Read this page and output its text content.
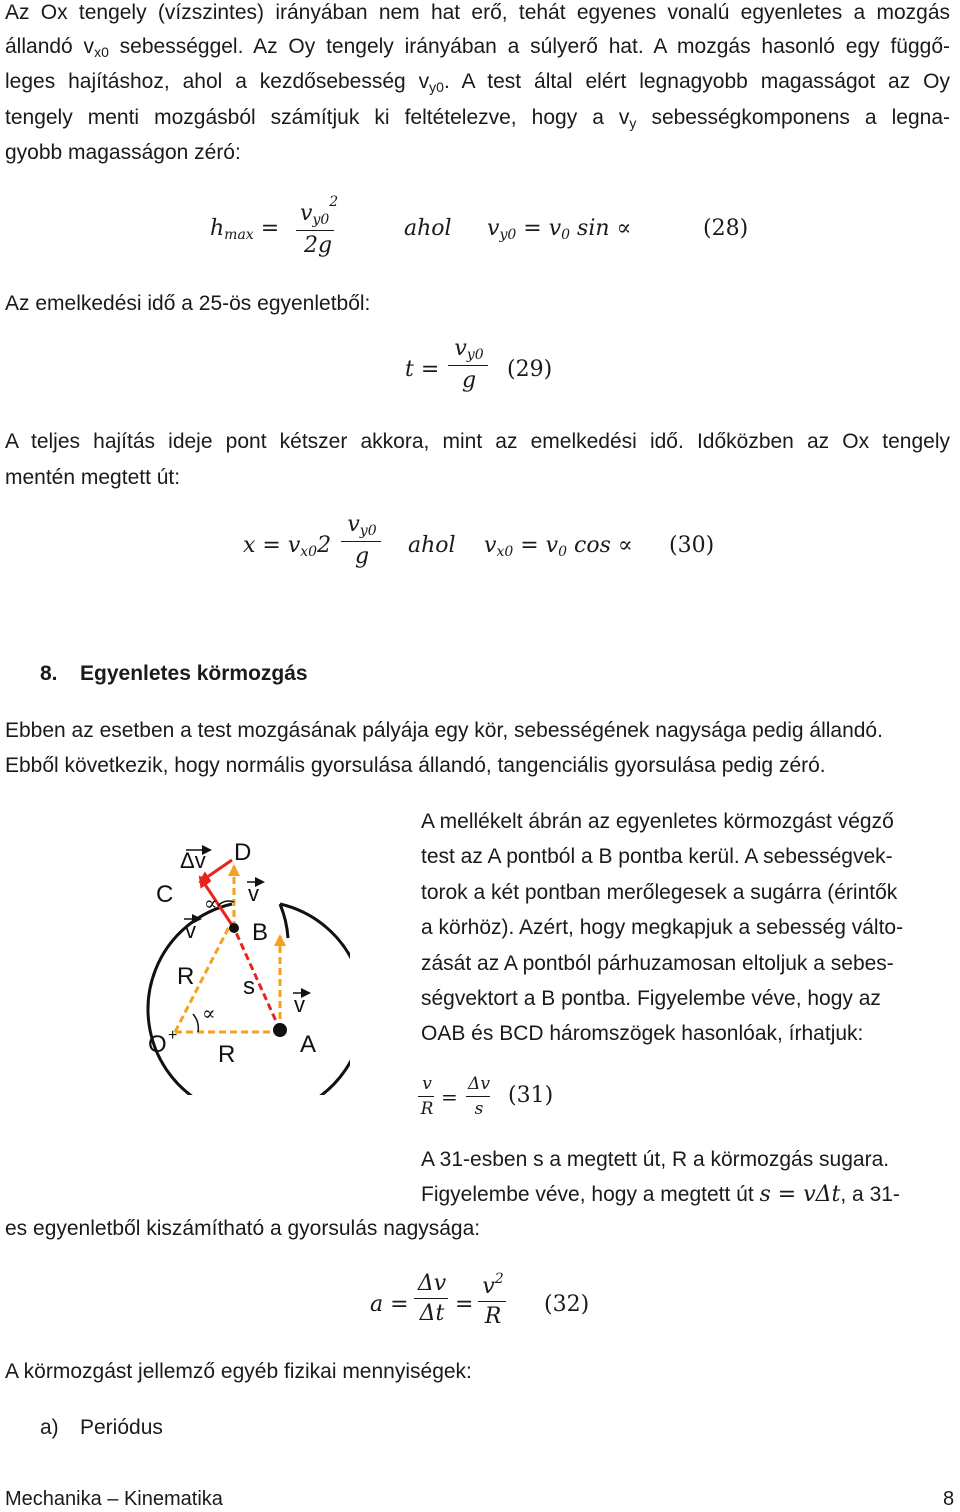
Az Ox tengely (vízszintes) irányában nem hat erő, tehát egyenes vonalú egyenletes a mozgás
állandó $v_{x0}$ sebességgel. Az Oy tengely irányában a súlyerő hat. A mozgás hasonló egy függő-
leges hajításhoz, ahol a kezdősebesség $v_{y0}$. A test által elért legnagyobb magasságot az Oy
tengely menti mozgásból számítjuk ki feltételezve, hogy a $v_y$ sebességkomponens a legna-
gyobb magasságon zéró:
$h_{max}$ =
$v_{y0}^2$
2g
ahol $v_{y0} = v_0$ sin ∝	(28)
Az emelkedési idő a 25-ös egyenletből:
t =
$v_{y0}$
g	(29)
A teljes hajítás ideje pont kétszer akkora, mint az emelkedési idő. Időközben az Ox tengely
mentén megtett út:
$x = v_{x0}2$
$v_{y0}$
g	ahol $v_{x0} = v_0$ cos ∝ (30)
8. Egyenletes körmozgás
Ebben az esetben a test mozgásának pályája egy kör, sebességének nagysága pedig állandó.
Ebből következik, hogy normális gyorsulása állandó, tangenciális gyorsulása pedig zéró.
A mellékelt ábrán az egyenletes körmozgást végző
test az A pontból a B pontba kerül. A sebességvek-
torok a két pontban merőlegesek a sugárra (érintők
a körhöz). Azért, hogy megkapjuk a sebesség válto-
zását az A pontból párhuzamosan eltoljuk a sebes-
ségvektort a B pontba. Figyelembe véve, hogy az
OAB és BCD háromszögek hasonlóak, írhatjuk:
v
R =
Δv
s
(31)
A 31-esben s a megtett út, R a körmozgás sugara.
Figyelembe véve, hogy a megtett út s = vΔt, a 31-
es egyenletből kiszámítható a gyorsulás nagysága:
a =
Δv
Δt =
$v^2$
R	(32)
A körmozgást jellemző egyéb fizikai mennyiségek:
a) Periódus
Mechanika – Kinematika	8
Δv D
C	v
∝
v B
R s
v
∝
O +	A
R
